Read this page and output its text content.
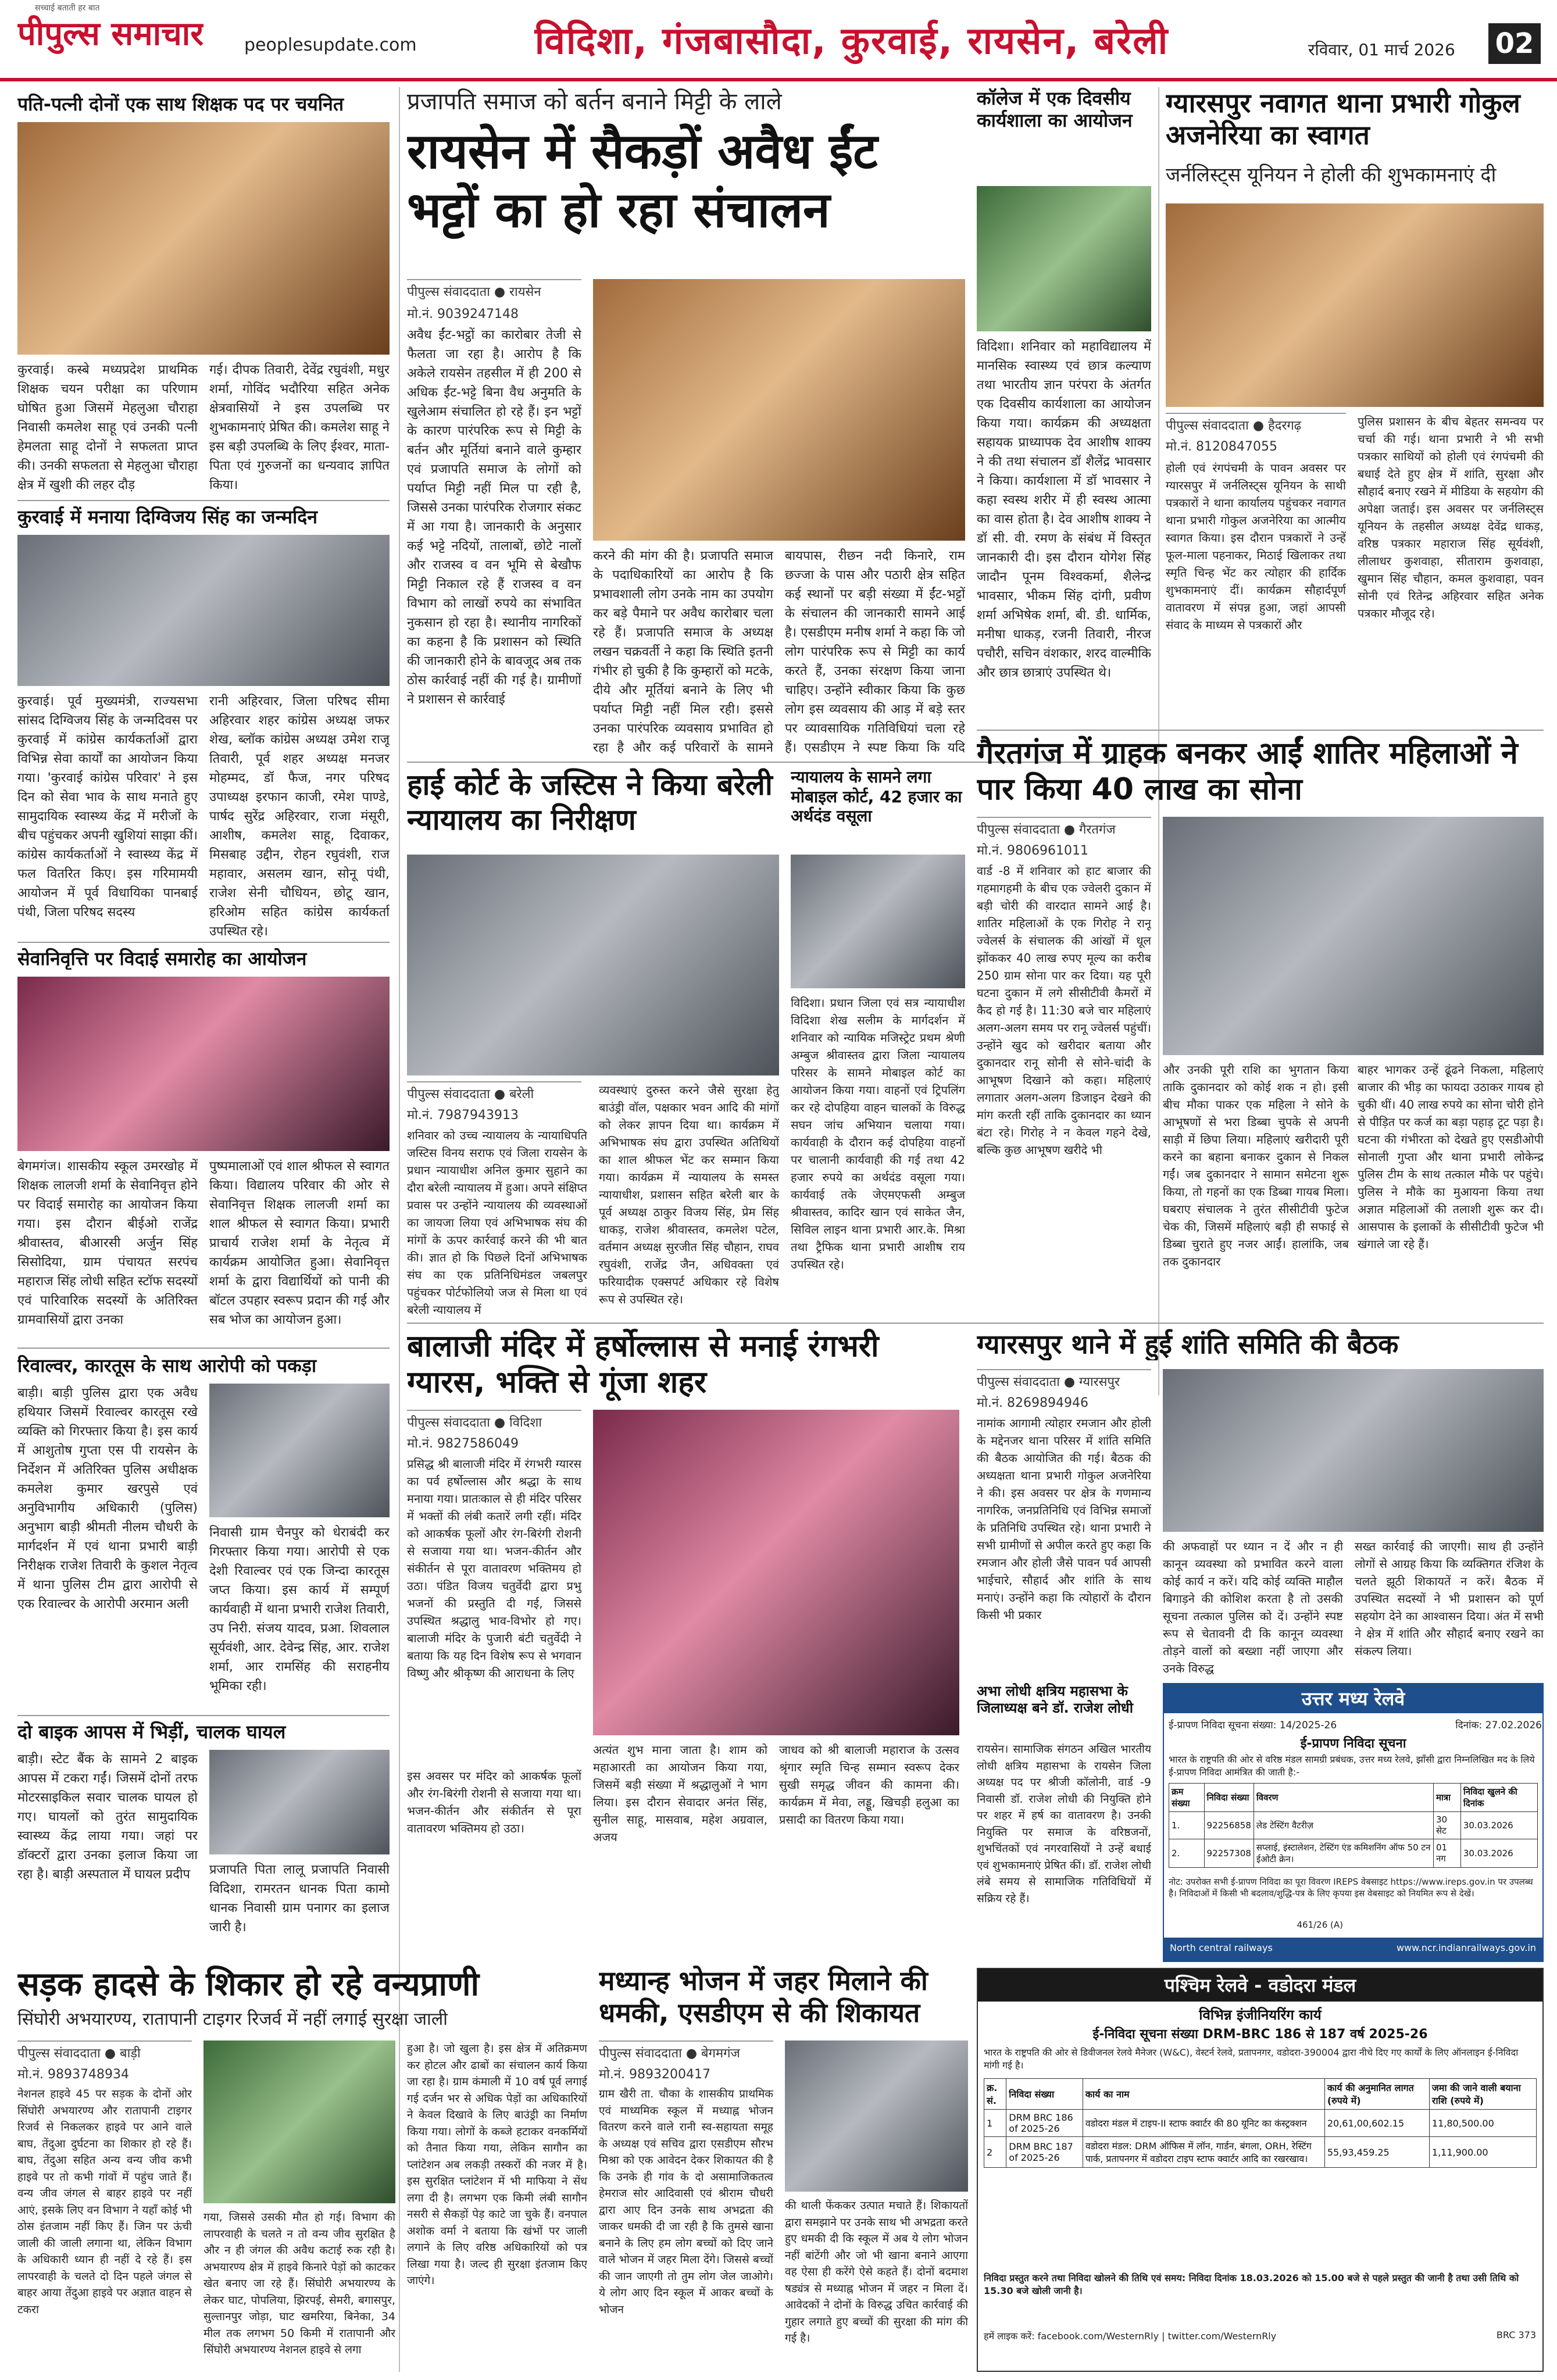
सच्चाई बताती हर बात
पीपुल्स समाचार peoplesupdate.com	विदिशा, गंजबासौदा, कुरवाई, रायसेन, बरेली	रविवार, 01 मार्च 2026 02
पति-पत्नी दोनों एक साथ शिक्षक पद पर चयनित
कुरवाई। कस्बे मध्यप्रदेश प्राथमिक शिक्षक चयन परीक्षा का परिणाम घोषित हुआ जिसमें मेहलुआ चौराहा निवासी कमलेश साहू एवं उनकी पत्नी हेमलता साहू दोनों ने सफलता प्राप्त की। उनकी सफलता से मेहलुआ चौराहा क्षेत्र में खुशी की लहर दौड़
गई। दीपक तिवारी, देवेंद्र रघुवंशी, मधुर शर्मा, गोविंद भदौरिया सहित अनेक क्षेत्रवासियों ने इस उपलब्धि पर शुभकामनाएं प्रेषित की। कमलेश साहू ने इस बड़ी उपलब्धि के लिए ईश्वर, माता-पिता एवं गुरुजनों का धन्यवाद ज्ञापित किया।
कुरवाई में मनाया दिग्विजय सिंह का जन्मदिन
कुरवाई। पूर्व मुख्यमंत्री, राज्यसभा सांसद दिग्विजय सिंह के जन्मदिवस पर कुरवाई में कांग्रेस कार्यकर्ताओं द्वारा विभिन्न सेवा कार्यों का आयोजन किया गया। 'कुरवाई कांग्रेस परिवार' ने इस दिन को सेवा भाव के साथ मनाते हुए सामुदायिक स्वास्थ्य केंद्र में मरीजों के बीच पहुंचकर अपनी खुशियां साझा कीं। कांग्रेस कार्यकर्ताओं ने स्वास्थ्य केंद्र में फल वितरित किए। इस गरिमामयी आयोजन में पूर्व विधायिका पानबाई पंथी, जिला परिषद सदस्य
रानी अहिरवार, जिला परिषद सीमा अहिरवार शहर कांग्रेस अध्यक्ष जफर शेख, ब्लॉक कांग्रेस अध्यक्ष उमेश राजू तिवारी, पूर्व शहर अध्यक्ष मनजर मोहम्मद, डॉ फैज, नगर परिषद उपाध्यक्ष इरफान काजी, रमेश पाण्डे, पार्षद सुरेंद्र अहिरवार, राजा मंसूरी, आशीष, कमलेश साहू, दिवाकर, मिसबाह उद्दीन, रोहन रघुवंशी, राज महावार, असलम खान, सोनू पंथी, राजेश सेनी चौधियन, छोटू खान, हरिओम सहित कांग्रेस कार्यकर्ता उपस्थित रहे।
सेवानिवृत्ति पर विदाई समारोह का आयोजन
बेगमगंज। शासकीय स्कूल उमरखोह में शिक्षक लालजी शर्मा के सेवानिवृत्त होने पर विदाई समारोह का आयोजन किया गया। इस दौरान बीईओ राजेंद्र श्रीवास्तव, बीआरसी अर्जुन सिंह सिसोदिया, ग्राम पंचायत सरपंच महाराज सिंह लोधी सहित स्टॉफ सदस्यों एवं पारिवारिक सदस्यों के अतिरिक्त ग्रामवासियों द्वारा उनका
पुष्पमालाओं एवं शाल श्रीफल से स्वागत किया। विद्यालय परिवार की ओर से सेवानिवृत्त शिक्षक लालजी शर्मा का शाल श्रीफल से स्वागत किया। प्रभारी प्राचार्य राजेश शर्मा के नेतृत्व में कार्यक्रम आयोजित हुआ। सेवानिवृत्त शर्मा के द्वारा विद्यार्थियों को पानी की बॉटल उपहार स्वरूप प्रदान की गई और सब भोज का आयोजन हुआ।
रिवाल्वर, कारतूस के साथ आरोपी को पकड़ा
बाड़ी। बाड़ी पुलिस द्वारा एक अवैध हथियार जिसमें रिवाल्वर कारतूस रखे व्यक्ति को गिरफ्तार किया है। इस कार्य में आशुतोष गुप्ता एस पी रायसेन के निर्देशन में अतिरिक्त पुलिस अधीक्षक कमलेश कुमार खरपुसे एवं अनुविभागीय अधिकारी (पुलिस) अनुभाग बाड़ी श्रीमती नीलम चौधरी के मार्गदर्शन में एवं थाना प्रभारी बाड़ी निरीक्षक राजेश तिवारी के कुशल नेतृत्व में थाना पुलिस टीम द्वारा आरोपी से एक रिवाल्वर के आरोपी अरमान अली
निवासी ग्राम चैनपुर को धेराबंदी कर गिरफ्तार किया गया। आरोपी से एक देशी रिवाल्वर एवं एक जिन्दा कारतूस जप्त किया। इस कार्य में सम्पूर्ण कार्यवाही में थाना प्रभारी राजेश तिवारी, उप निरी. संजय यादव, प्रआ. शिवलाल सूर्यवंशी, आर. देवेन्द्र सिंह, आर. राजेश शर्मा, आर रामसिंह की सराहनीय भूमिका रही।
दो बाइक आपस में भिड़ीं, चालक घायल
बाड़ी। स्टेट बैंक के सामने 2 बाइक आपस में टकरा गईं। जिसमें दोनों तरफ मोटरसाइकिल सवार चालक घायल हो गए। घायलों को तुरंत सामुदायिक स्वास्थ्य केंद्र लाया गया। जहां पर डॉक्टरों द्वारा उनका इलाज किया जा रहा है। बाड़ी अस्पताल में घायल प्रदीप	प्रजापति पिता लालू प्रजापति निवासी विदिशा, रामरतन धानक पिता कामो धानक निवासी ग्राम पनागर का इलाज जारी है।
प्रजापति समाज को बर्तन बनाने मिट्टी के लाले
रायसेन में सैकड़ों अवैध ईंट भट्टों का हो रहा संचालन
पीपुल्स संवाददाता ● रायसेन
मो.नं. 9039247148
अवैध ईंट-भट्ठों का कारोबार तेजी से फैलता जा रहा है। आरोप है कि अकेले रायसेन तहसील में ही 200 से अधिक ईंट-भट्टे बिना वैध अनुमति के खुलेआम संचालित हो रहे हैं। इन भट्टों के कारण पारंपरिक रूप से मिट्टी के बर्तन और मूर्तियां बनाने वाले कुम्हार एवं प्रजापति समाज के लोगों को पर्याप्त मिट्टी नहीं मिल पा रही है, जिससे उनका पारंपरिक रोजगार संकट में आ गया है। जानकारी के अनुसार कई भट्टे नदियों, तालाबों, छोटे नालों और राजस्व व वन भूमि से बेखौफ मिट्टी निकाल रहे हैं राजस्व व वन विभाग को लाखों रुपये का संभावित नुकसान हो रहा है। स्थानीय नागरिकों का कहना है कि प्रशासन को स्थिति की जानकारी होने के बावजूद अब तक ठोस कार्रवाई नहीं की गई है। ग्रामीणों ने प्रशासन से कार्रवाई
करने की मांग की है। प्रजापति समाज के पदाधिकारियों का आरोप है कि प्रभावशाली लोग उनके नाम का उपयोग कर बड़े पैमाने पर अवैध कारोबार चला रहे हैं। प्रजापति समाज के अध्यक्ष लखन चक्रवर्ती ने कहा कि स्थिति इतनी गंभीर हो चुकी है कि कुम्हारों को मटके, दीये और मूर्तियां बनाने के लिए भी पर्याप्त मिट्टी नहीं मिल रही। इससे उनका पारंपरिक व्यवसाय प्रभावित हो रहा है और कई परिवारों के सामने
बायपास, रीछन नदी किनारे, राम छज्जा के पास और पठारी क्षेत्र सहित कई स्थानों पर बड़ी संख्या में ईंट-भट्टों के संचालन की जानकारी सामने आई है। एसडीएम मनीष शर्मा ने कहा कि जो लोग पारंपरिक रूप से मिट्टी का कार्य करते हैं, उनका संरक्षण किया जाना चाहिए। उन्होंने स्वीकार किया कि कुछ लोग इस व्यवसाय की आड़ में बड़े स्तर पर व्यावसायिक गतिविधियां चला रहे हैं। एसडीएम ने स्पष्ट किया कि यदि
कॉलेज में एक दिवसीय कार्यशाला का आयोजन
विदिशा। शनिवार को महाविद्यालय में मानसिक स्वास्थ्य एवं छात्र कल्याण तथा भारतीय ज्ञान परंपरा के अंतर्गत एक दिवसीय कार्यशाला का आयोजन किया गया। कार्यक्रम की अध्यक्षता सहायक प्राध्यापक देव आशीष शाक्य ने की तथा संचालन डॉ शैलेंद्र भावसार ने किया। कार्यशाला में डॉ भावसार ने कहा स्वस्थ शरीर में ही स्वस्थ आत्मा का वास होता है। देव आशीष शाक्य ने डॉ सी. वी. रमण के संबंध में विस्तृत जानकारी दी। इस दौरान योगेश सिंह जादौन पूनम विश्वकर्मा, शैलेन्द्र भावसार, भीकम सिंह दांगी, प्रवीण शर्मा अभिषेक शर्मा, बी. डी. धार्मिक, मनीषा धाकड़, रजनी तिवारी, नीरज पचौरी, सचिन वंशकार, शरद वाल्मीकि और छात्र छात्राएं उपस्थित थे।
हाई कोर्ट के जस्टिस ने किया बरेली न्यायालय का निरीक्षण
पीपुल्स संवाददाता ● बरेली
मो.नं. 7987943913
शनिवार को उच्च न्यायालय के न्यायाधिपति जस्टिस विनय सराफ एवं जिला रायसेन के प्रधान न्यायाधीश अनिल कुमार सुहाने का दौरा बरेली न्यायालय में हुआ। अपने संक्षिप्त प्रवास पर उन्होंने न्यायालय की व्यवस्थाओं का जायजा लिया एवं अभिभाषक संघ की मांगों के ऊपर कार्रवाई करने की भी बात की। ज्ञात हो कि पिछले दिनों अभिभाषक संघ का एक प्रतिनिधिमंडल जबलपुर पहुंचकर पोर्टफोलियो जज से मिला था एवं बरेली न्यायालय में
व्यवस्थाएं दुरुस्त करने जैसे सुरक्षा हेतु बाउंड्री वॉल, पक्षकार भवन आदि की मांगों को लेकर ज्ञापन दिया था। कार्यक्रम में अभिभाषक संघ द्वारा उपस्थित अतिथियों का शाल श्रीफल भेंट कर सम्मान किया गया। कार्यक्रम में न्यायालय के समस्त न्यायाधीश, प्रशासन सहित बरेली बार के पूर्व अध्यक्ष ठाकुर विजय सिंह, प्रेम सिंह धाकड़, राजेश श्रीवास्तव, कमलेश पटेल, वर्तमान अध्यक्ष सुरजीत सिंह चौहान, राघव रघुवंशी, राजेंद्र जैन, अधिवक्ता एवं फरियादीक एक्सपर्ट अधिकार रहे विशेष रूप से उपस्थित रहे।
न्यायालय के सामने लगा मोबाइल कोर्ट, 42 हजार का अर्थदंड वसूला
विदिशा। प्रधान जिला एवं सत्र न्यायाधीश विदिशा शेख सलीम के मार्गदर्शन में शनिवार को न्यायिक मजिस्ट्रेट प्रथम श्रेणी अम्बुज श्रीवास्तव द्वारा जिला न्यायालय परिसर के सामने मोबाइल कोर्ट का आयोजन किया गया। वाहनों एवं ट्रिपलिंग कर रहे दोपहिया वाहन चालकों के विरुद्ध सघन जांच अभियान चलाया गया। कार्यवाही के दौरान कई दोपहिया वाहनों पर चालानी कार्यवाही की गई तथा 42 हजार रुपये का अर्थदंड वसूला गया। कार्यवाई तके जेएमएफसी अम्बुज श्रीवास्तव, कादिर खान एवं साकेत जैन, सिविल लाइन थाना प्रभारी आर.के. मिश्रा तथा ट्रैफिक थाना प्रभारी आशीष राय उपस्थित रहे।
ग्यारसपुर नवागत थाना प्रभारी गोकुल अजनेरिया का स्वागत
जर्नलिस्ट्स यूनियन ने होली की शुभकामनाएं दी
पीपुल्स संवाददाता ● हैदरगढ़
मो.नं. 8120847055
होली एवं रंगपंचमी के पावन अवसर पर ग्यारसपुर में जर्नलिस्ट्स यूनियन के साथी पत्रकारों ने थाना कार्यालय पहुंचकर नवागत थाना प्रभारी गोकुल अजनेरिया का आत्मीय स्वागत किया। इस दौरान पत्रकारों ने उन्हें फूल-माला पहनाकर, मिठाई खिलाकर तथा स्मृति चिन्ह भेंट कर त्योहार की हार्दिक शुभकामनाएं दीं। कार्यक्रम सौहार्दपूर्ण वातावरण में संपन्न हुआ, जहां आपसी संवाद के माध्यम से पत्रकारों और
पुलिस प्रशासन के बीच बेहतर समन्वय पर चर्चा की गई। थाना प्रभारी ने भी सभी पत्रकार साथियों को होली एवं रंगपंचमी की बधाई देते हुए क्षेत्र में शांति, सुरक्षा और सौहार्द बनाए रखने में मीडिया के सहयोग की अपेक्षा जताई। इस अवसर पर जर्नलिस्ट्स यूनियन के तहसील अध्यक्ष देवेंद्र धाकड़, वरिष्ठ पत्रकार महाराज सिंह सूर्यवंशी, लीलाधर कुशवाहा, सीताराम कुशवाहा, खुमान सिंह चौहान, कमल कुशवाहा, पवन सोनी एवं रितेन्द्र अहिरवार सहित अनेक पत्रकार मौजूद रहे।
गैरतगंज में ग्राहक बनकर आईं शातिर महिलाओं ने पार किया 40 लाख का सोना
पीपुल्स संवाददाता ● गैरतगंज
मो.नं. 9806961011
वार्ड -8 में शनिवार को हाट बाजार की गहमागहमी के बीच एक ज्वेलरी दुकान में बड़ी चोरी की वारदात सामने आई है। शातिर महिलाओं के एक गिरोह ने रानू ज्वेलर्स के संचालक की आंखों में धूल झोंककर 40 लाख रुपए मूल्य का करीब 250 ग्राम सोना पार कर दिया। यह पूरी घटना दुकान में लगे सीसीटीवी कैमरों में कैद हो गई है। 11:30 बजे चार महिलाएं अलग-अलग समय पर रानू ज्वेलर्स पहुंचीं। उन्होंने खुद को खरीदार बताया और दुकानदार रानू सोनी से सोने-चांदी के आभूषण दिखाने को कहा। महिलाएं लगातार अलग-अलग डिजाइन देखने की मांग करती रहीं ताकि दुकानदार का ध्यान बंटा रहे। गिरोह ने न केवल गहने देखे, बल्कि कुछ आभूषण खरीदे भी
और उनकी पूरी राशि का भुगतान किया ताकि दुकानदार को कोई शक न हो। इसी बीच मौका पाकर एक महिला ने सोने के आभूषणों से भरा डिब्बा चुपके से अपनी साड़ी में छिपा लिया। महिलाएं खरीदारी पूरी करने का बहाना बनाकर दुकान से निकल गईं। जब दुकानदार ने सामान समेटना शुरू किया, तो गहनों का एक डिब्बा गायब मिला। घबराए संचालक ने तुरंत सीसीटीवी फुटेज चेक की, जिसमें महिलाएं बड़ी ही सफाई से डिब्बा चुराते हुए नजर आईं। हालांकि, जब तक दुकानदार
बाहर भागकर उन्हें ढूंढने निकला, महिलाएं बाजार की भीड़ का फायदा उठाकर गायब हो चुकी थीं। 40 लाख रुपये का सोना चोरी होने से पीड़ित पर कर्ज का बड़ा पहाड़ टूट पड़ा है। घटना की गंभीरता को देखते हुए एसडीओपी सोनाली गुप्ता और थाना प्रभारी लोकेन्द्र पुलिस टीम के साथ तत्काल मौके पर पहुंचे। पुलिस ने मौके का मुआयना किया तथा अज्ञात महिलाओं की तलाशी शुरू कर दी। आसपास के इलाकों के सीसीटीवी फुटेज भी खंगाले जा रहे हैं।
बालाजी मंदिर में हर्षोल्लास से मनाई रंगभरी ग्यारस, भक्ति से गूंजा शहर
पीपुल्स संवाददाता ● विदिशा
मो.नं. 9827586049
प्रसिद्ध श्री बालाजी मंदिर में रंगभरी ग्यारस का पर्व हर्षोल्लास और श्रद्धा के साथ मनाया गया। प्रातःकाल से ही मंदिर परिसर में भक्तों की लंबी कतारें लगी रहीं। मंदिर को आकर्षक फूलों और रंग-बिरंगी रोशनी से सजाया गया था। भजन-कीर्तन और संकीर्तन से पूरा वातावरण भक्तिमय हो उठा। पंडित विजय चतुर्वेदी द्वारा प्रभु भजनों की प्रस्तुति दी गई, जिससे उपस्थित श्रद्धालु भाव-विभोर हो गए। बालाजी मंदिर के पुजारी बंटी चतुर्वेदी ने बताया कि यह दिन विशेष रूप से भगवान विष्णु और श्रीकृष्ण की आराधना के लिए
इस अवसर पर मंदिर को आकर्षक फूलों और रंग-बिरंगी रोशनी से सजाया गया था। भजन-कीर्तन और संकीर्तन से पूरा वातावरण भक्तिमय हो उठा।
अत्यंत शुभ माना जाता है। शाम को महाआरती का आयोजन किया गया, जिसमें बड़ी संख्या में श्रद्धालुओं ने भाग लिया। इस दौरान सेवादार अनंत सिंह, सुनील साहू, मासवाब, महेश अग्रवाल, अजय
जाधव को श्री बालाजी महाराज के उत्सव श्रृंगार स्मृति चिन्ह सम्मान स्वरूप देकर सुखी समृद्ध जीवन की कामना की। कार्यक्रम में मेवा, लड्डू, खिचड़ी हलुआ का प्रसादी का वितरण किया गया।
ग्यारसपुर थाने में हुई शांति समिति की बैठक
पीपुल्स संवाददाता ● ग्यारसपुर
मो.नं. 8269894946
नामांक आगामी त्योहार रमजान और होली के मद्देनजर थाना परिसर में शांति समिति की बैठक आयोजित की गई। बैठक की अध्यक्षता थाना प्रभारी गोकुल अजनेरिया ने की। इस अवसर पर क्षेत्र के गणमान्य नागरिक, जनप्रतिनिधि एवं विभिन्न समाजों के प्रतिनिधि उपस्थित रहे। थाना प्रभारी ने सभी ग्रामीणों से अपील करते हुए कहा कि रमजान और होली जैसे पावन पर्व आपसी भाईचारे, सौहार्द और शांति के साथ मनाएं। उन्होंने कहा कि त्योहारों के दौरान किसी भी प्रकार
की अफवाहों पर ध्यान न दें और न ही कानून व्यवस्था को प्रभावित करने वाला कोई कार्य न करें। यदि कोई व्यक्ति माहौल बिगाड़ने की कोशिश करता है तो उसकी सूचना तत्काल पुलिस को दें। उन्होंने स्पष्ट रूप से चेतावनी दी कि कानून व्यवस्था तोड़ने वालों को बख्शा नहीं जाएगा और उनके विरुद्ध
सख्त कार्रवाई की जाएगी। साथ ही उन्होंने लोगों से आग्रह किया कि व्यक्तिगत रंजिश के चलते झूठी शिकायतें न करें। बैठक में उपस्थित सदस्यों ने भी प्रशासन को पूर्ण सहयोग देने का आश्वासन दिया। अंत में सभी ने क्षेत्र में शांति और सौहार्द बनाए रखने का संकल्प लिया।
अभा लोधी क्षत्रिय महासभा के जिलाध्यक्ष बने डॉ. राजेश लोधी
रायसेन। सामाजिक संगठन अखिल भारतीय लोधी क्षत्रिय महासभा के रायसेन जिला अध्यक्ष पद पर श्रीजी कॉलोनी, वार्ड -9 निवासी डॉ. राजेश लोधी की नियुक्ति होने पर शहर में हर्ष का वातावरण है। उनकी नियुक्ति पर समाज के वरिष्ठजनों, शुभचिंतकों एवं नगरवासियों ने उन्हें बधाई एवं शुभकामनाएं प्रेषित कीं। डॉ. राजेश लोधी लंबे समय से सामाजिक गतिविधियों में सक्रिय रहे हैं।
उत्तर मध्य रेलवे
ई-प्रापण निविदा सूचना संख्या: 14/2025-26	दिनांक: 27.02.2026
ई-प्रापण निविदा सूचना
भारत के राष्ट्रपति की ओर से वरिष्ठ मंडल सामग्री प्रबंधक, उत्तर मध्य रेलवे, झाँसी द्वारा निम्नलिखित मद के लिये ई-प्रापण निविदा आमंत्रित की जाती है:-
क्रम संख्या	निविदा संख्या	विवरण	मात्रा	निविदा खुलने की दिनांक
1.	92256858	लेड टेस्टिंग वैटरीज़	30 सेट	30.03.2026
2.	92257308	सप्लाई, इंस्टालेशन, टेस्टिंग एंड कमिशनिंग ऑफ 50 टन ईओटी क्रेन।	01 नग	30.03.2026
नोट: उपरोक्त सभी ई-प्रापण निविदा का पूरा विवरण IREPS वेबसाइट https://www.ireps.gov.in पर उपलब्ध है। निविदाओं में किसी भी बदलाव/शुद्धि-पत्र के लिए कृपया इस वेबसाइट को नियमित रूप से देखें।
461/26 (A)
North central railways	www.ncr.indianrailways.gov.in
सड़क हादसे के शिकार हो रहे वन्यप्राणी
सिंघोरी अभयारण्य, रातापानी टाइगर रिजर्व में नहीं लगाई सुरक्षा जाली
पीपुल्स संवाददाता ● बाड़ी
मो.नं. 9893748934
नेशनल हाइवे 45 पर सड़क के दोनों ओर सिंघोरी अभयारण्य और रातापानी टाइगर रिजर्व से निकलकर हाइवे पर आने वाले बाघ, तेंदुआ दुर्घटना का शिकार हो रहे हैं। बाघ, तेंदुआ सहित अन्य वन्य जीव कभी हाइवे पर तो कभी गांवों में पहुंच जाते हैं। वन्य जीव जंगल से बाहर हाइवे पर नहीं आएं, इसके लिए वन विभाग ने यहाँ कोई भी ठोस इंतजाम नहीं किए हैं। जिन पर ऊंची जाली की जाली लगाना था, लेकिन विभाग के अधिकारी ध्यान ही नहीं दे रहे हैं। इस लापरवाही के चलते दो दिन पहले जंगल से बाहर आया तेंदुआ हाइवे पर अज्ञात वाहन से टकरा
गया, जिससे उसकी मौत हो गई। विभाग की लापरवाही के चलते न तो वन्य जीव सुरक्षित है और न ही जंगल की अवैध कटाई रुक रही है। अभयारण्य क्षेत्र में हाइवे किनारे पेड़ों को काटकर खेत बनाए जा रहे हैं। सिंघोरी अभयारण्य के लेकर घाट, पोपलिया, झिरपई, सेमरी, बगासपुर, सुल्तानपुर जोड़ा, घाट खमरिया, बिनेका, 34 मील तक लगभग 50 किमी में रातापानी और सिंघोरी अभयारण्य नेशनल हाइवे से लगा
हुआ है। जो खुला है। इस क्षेत्र में अतिक्रमण कर होटल और ढाबों का संचालन कार्य किया जा रहा है। ग्राम कंमाली में 10 वर्ष पूर्व लगाई गई दर्जन भर से अधिक पेड़ों का अधिकारियों ने केवल दिखावे के लिए बाउंड्री का निर्माण किया गया। लोगों के कब्जे हटाकर वनकर्मियों को तैनात किया गया, लेकिन सागौन का प्लांटेशन अब लकड़ी तस्करों की नजर में है। इस सुरक्षित प्लांटेशन में भी माफिया ने सेंध लगा दी है। लगभग एक किमी लंबी सागौन नसरी से सैकड़ों पेड़ काटे जा चुके हैं। वनपाल अशोक वर्मा ने बताया कि खंभों पर जाली लगाने के लिए वरिष्ठ अधिकारियों को पत्र लिखा गया है। जल्द ही सुरक्षा इंतजाम किए जाएंगे।
मध्यान्ह भोजन में जहर मिलाने की धमकी, एसडीएम से की शिकायत
पीपुल्स संवाददाता ● बेगमगंज
मो.नं. 9893200417
ग्राम खैरी ता. चौका के शासकीय प्राथमिक एवं माध्यमिक स्कूल में मध्याह्न भोजन वितरण करने वाले रानी स्व-सहायता समूह के अध्यक्ष एवं सचिव द्वारा एसडीएम सौरभ मिश्रा को एक आवेदन देकर शिकायत की है कि उनके ही गांव के दो असामाजिकतत्व हेमराज सोर आदिवासी एवं श्रीराम चौधरी द्वारा आए दिन उनके साथ अभद्रता की जाकर धमकी दी जा रही है कि तुमसे खाना बनाने के लिए हम लोग बच्चों को दिए जाने वाले भोजन में जहर मिला देंगे। जिससे बच्चों की जान जाएगी तो तुम लोग जेल जाओगे। ये लोग आए दिन स्कूल में आकर बच्चों के भोजन
की थाली फेंककर उत्पात मचाते हैं। शिकायतों द्वारा समझाने पर उनके साथ भी अभद्रता करते हुए धमकी दी कि स्कूल में अब ये लोग भोजन नहीं बांटेंगी और जो भी खाना बनाने आएगा वह ऐसा ही करेंगे ऐसे कहते हैं। दोनों बदमाश षड्यंत्र से मध्याह्न भोजन में जहर न मिला दें। आवेदकों ने दोनों के विरुद्ध उचित कार्रवाई की गुहार लगाते हुए बच्चों की सुरक्षा की मांग की गई है।
पश्चिम रेलवे - वडोदरा मंडल
विभिन्न इंजीनियरिंग कार्य
ई-निविदा सूचना संख्या DRM-BRC 186 से 187 वर्ष 2025-26
भारत के राष्ट्रपति की ओर से डिवीजनल रेलवे मैनेजर (W&C), वेस्टर्न रेलवे, प्रतापनगर, वडोदरा-390004 द्वारा नीचे दिए गए कार्यों के लिए ऑनलाइन ई-निविदा मांगी गई है।
क्र. सं.	निविदा संख्या	कार्य का नाम	कार्य की अनुमानित लागत (रुपये में)	जमा की जाने वाली बयाना राशि (रुपये में)
1	DRM BRC 186 of 2025-26	वडोदरा मंडल में टाइप-II स्टाफ क्वार्टर की 80 यूनिट का कंस्ट्रक्शन	20,61,00,602.15	11,80,500.00
2	DRM BRC 187 of 2025-26	वडोदरा मंडल: DRM ऑफिस में लॉन, गार्डन, बंगला, ORH, रेस्टिंग पार्क, प्रतापनगर में वडोदरा टाइप स्टाफ क्वार्टर आदि का रखरखाव।	55,93,459.25	1,11,900.00
निविदा प्रस्तुत करने तथा निविदा खोलने की तिथि एवं समय: निविदा दिनांक 18.03.2026 को 15.00 बजे से पहले प्रस्तुत की जानी है तथा उसी तिथि को 15.30 बजे खोली जानी है।
हमें लाइक करें: facebook.com/WesternRly | twitter.com/WesternRly	BRC 373
